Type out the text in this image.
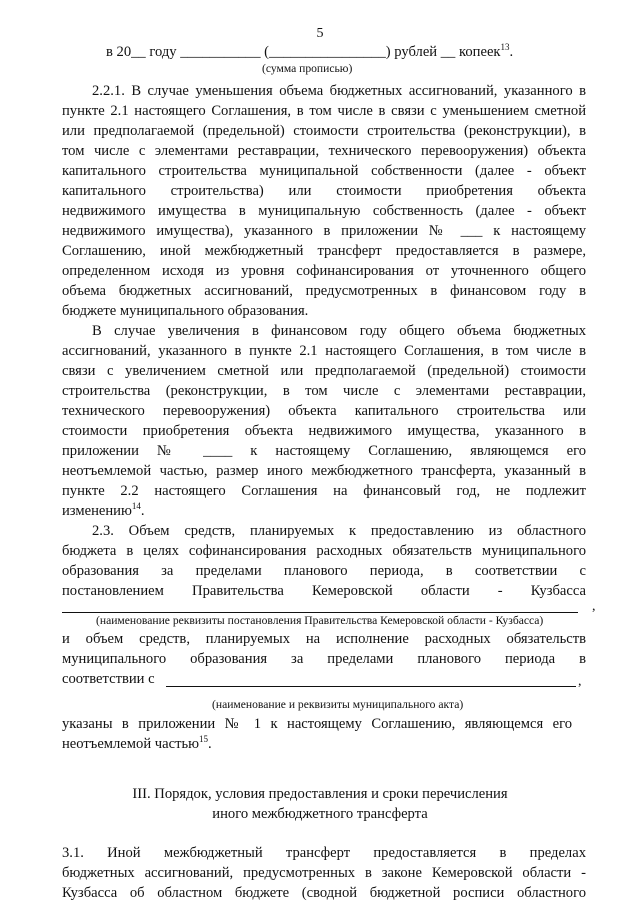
5
в 20__ году ___________ (________________) рублей __ копеек$^{13}$.
(сумма прописью)
2.2.1. В случае уменьшения объема бюджетных ассигнований, указанного в
пункте 2.1 настоящего Соглашения, в том числе в связи с уменьшением сметной
или предполагаемой (предельной) стоимости строительства (реконструкции), в
том числе с элементами реставрации, технического перевооружения) объекта
капитального строительства муниципальной собственности (далее - объект
капитального строительства) или стоимости приобретения объекта
недвижимого имущества в муниципальную собственность (далее - объект
недвижимого имущества), указанного в приложении № ___ к настоящему
Соглашению, иной межбюджетный трансферт предоставляется в размере,
определенном исходя из уровня софинансирования от уточненного общего
объема бюджетных ассигнований, предусмотренных в финансовом году в
бюджете муниципального образования.
В случае увеличения в финансовом году общего объема бюджетных
ассигнований, указанного в пункте 2.1 настоящего Соглашения, в том числе в
связи с увеличением сметной или предполагаемой (предельной) стоимости
строительства (реконструкции, в том числе с элементами реставрации,
технического перевооружения) объекта капитального строительства или
стоимости приобретения объекта недвижимого имущества, указанного в
приложении № ____ к настоящему Соглашению, являющемся его
неотъемлемой частью, размер иного межбюджетного трансферта, указанный в
пункте 2.2 настоящего Соглашения на финансовый год, не подлежит
изменению$^{14}$.
2.3. Объем средств, планируемых к предоставлению из областного
бюджета в целях софинансирования расходных обязательств муниципального
образования за пределами планового периода, в соответствии с
постановлением Правительства Кемеровской области - Кузбасса
,
(наименование реквизиты постановления Правительства Кемеровской области - Кузбасса)
и объем средств, планируемых на исполнение расходных обязательств
муниципального образования за пределами планового периода в
соответствии с	,
(наименование и реквизиты муниципального акта)
указаны в приложении № 1 к настоящему Соглашению, являющемся его
неотъемлемой частью$^{15}$.
III. Порядок, условия предоставления и сроки перечисления
иного межбюджетного трансферта
3.1. Иной межбюджетный трансферт предоставляется в пределах
бюджетных ассигнований, предусмотренных в законе Кемеровской области -
Кузбасса об областном бюджете (сводной бюджетной росписи областного
